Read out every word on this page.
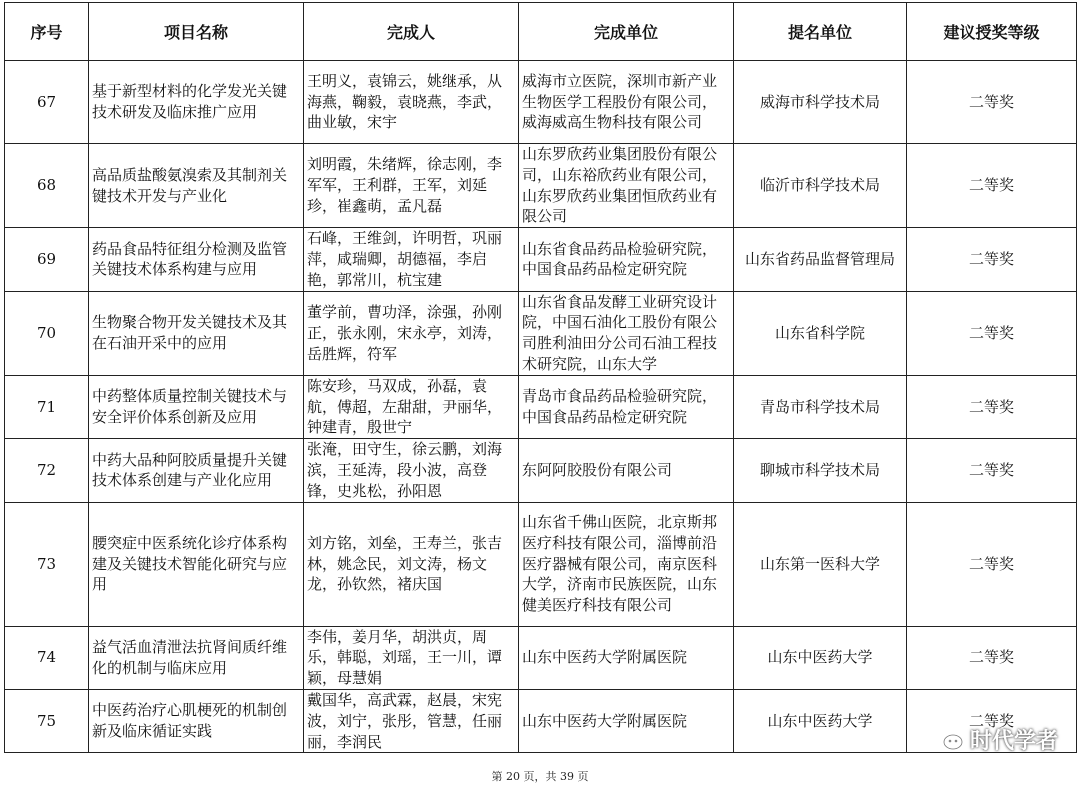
序号	项目名称	完成人	完成单位	提名单位	建议授奖等级
67	基于新型材料的化学发光关键技术研发及临床推广应用	王明义，袁锦云，姚继承，从海燕，鞠毅，袁晓燕，李武，曲业敏，宋宇	威海市立医院，深圳市新产业生物医学工程股份有限公司，威海威高生物科技有限公司	威海市科学技术局	二等奖
68	高品质盐酸氨溴索及其制剂关键技术开发与产业化	刘明霞，朱绪辉，徐志刚，李军军，王利群，王军，刘延珍，崔鑫萌，孟凡磊	山东罗欣药业集团股份有限公司，山东裕欣药业有限公司，山东罗欣药业集团恒欣药业有限公司	临沂市科学技术局	二等奖
69	药品食品特征组分检测及监管关键技术体系构建与应用	石峰，王维剑，许明哲，巩丽萍，咸瑞卿，胡德福，李启艳，郭常川，杭宝建	山东省食品药品检验研究院，中国食品药品检定研究院	山东省药品监督管理局	二等奖
70	生物聚合物开发关键技术及其在石油开采中的应用	董学前，曹功泽，涂强，孙刚正，张永刚，宋永亭，刘涛，岳胜辉，符军	山东省食品发酵工业研究设计院，中国石油化工股份有限公司胜利油田分公司石油工程技术研究院，山东大学	山东省科学院	二等奖
71	中药整体质量控制关键技术与安全评价体系创新及应用	陈安珍，马双成，孙磊，袁航，傅超，左甜甜，尹丽华，钟建青，殷世宁	青岛市食品药品检验研究院，中国食品药品检定研究院	青岛市科学技术局	二等奖
72	中药大品种阿胶质量提升关键技术体系创建与产业化应用	张淹，田守生，徐云鹏，刘海滨，王延涛，段小波，高登锋，史兆松，孙阳恩	东阿阿胶股份有限公司	聊城市科学技术局	二等奖
73	腰突症中医系统化诊疗体系构建及关键技术智能化研究与应用	刘方铭，刘垒，王寿兰，张吉林，姚念民，刘文涛，杨文龙，孙钦然，褚庆国	山东省千佛山医院，北京斯邦医疗科技有限公司，淄博前沿医疗器械有限公司，南京医科大学，济南市民族医院，山东健美医疗科技有限公司	山东第一医科大学	二等奖
74	益气活血清泄法抗肾间质纤维化的机制与临床应用	李伟，姜月华，胡洪贞，周乐，韩聪，刘瑶，王一川，谭颖，母慧娟	山东中医药大学附属医院	山东中医药大学	二等奖
75	中医药治疗心肌梗死的机制创新及临床循证实践	戴国华，高武霖，赵晨，宋宪波，刘宁，张彤，管慧，任丽丽，李润民	山东中医药大学附属医院	山东中医药大学	二等奖
时代学者
第 20 页，共 39 页
